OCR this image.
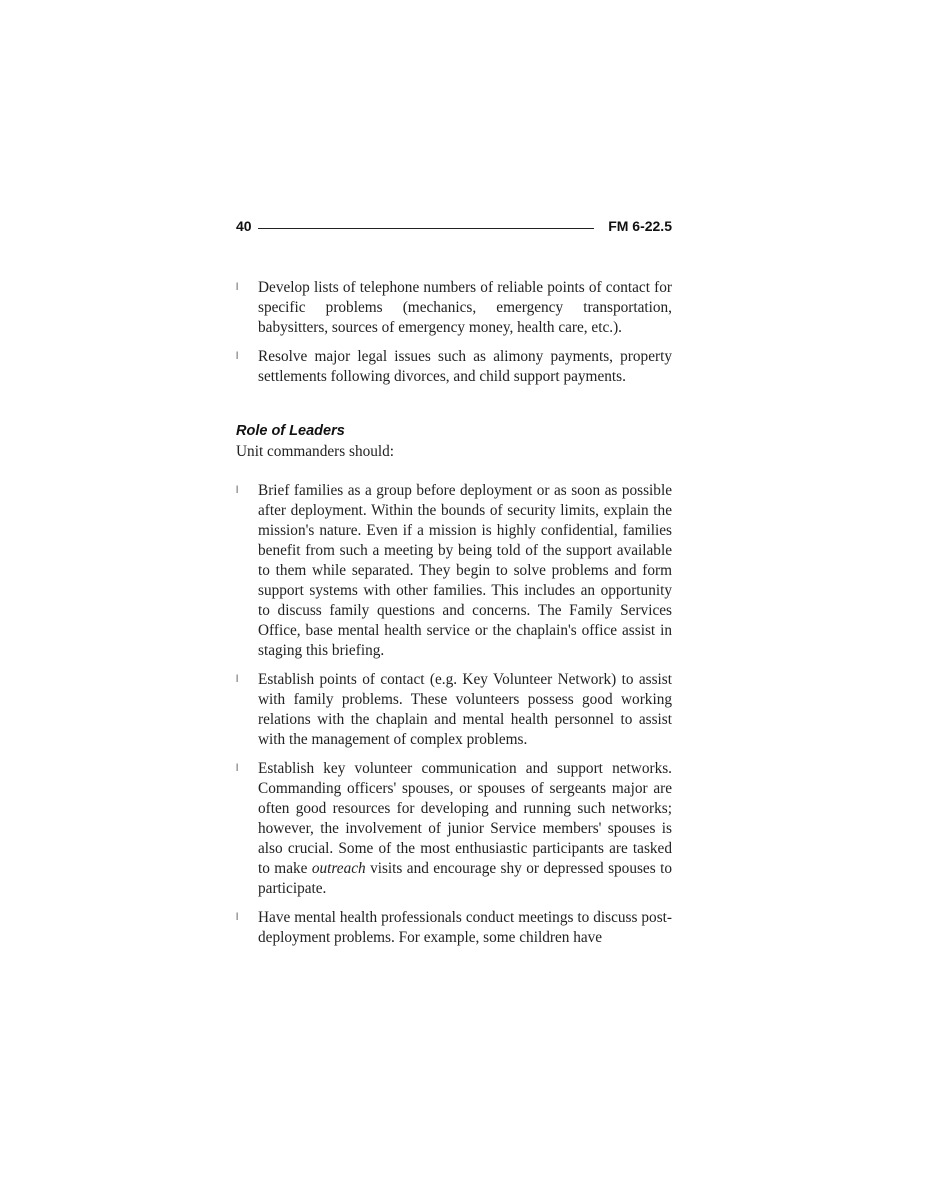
40	FM 6-22.5
l Develop lists of telephone numbers of reliable points of contact for specific problems (mechanics, emergency transportation, babysitters, sources of emergency money, health care, etc.).
l Resolve major legal issues such as alimony payments, property settlements following divorces, and child support payments.
Role of Leaders
Unit commanders should:
l Brief families as a group before deployment or as soon as possible after deployment. Within the bounds of security limits, explain the mission's nature. Even if a mission is highly confidential, families benefit from such a meeting by being told of the support available to them while separated. They begin to solve problems and form support systems with other families. This includes an opportunity to discuss family questions and concerns. The Family Services Office, base mental health service or the chaplain's office assist in staging this briefing.
l Establish points of contact (e.g. Key Volunteer Network) to assist with family problems. These volunteers possess good working relations with the chaplain and mental health personnel to assist with the management of complex problems.
l Establish key volunteer communication and support networks. Commanding officers' spouses, or spouses of sergeants major are often good resources for developing and running such networks; however, the involvement of junior Service members' spouses is also crucial. Some of the most enthusiastic participants are tasked to make outreach visits and encourage shy or depressed spouses to participate.
l Have mental health professionals conduct meetings to discuss post-deployment problems. For example, some children have
